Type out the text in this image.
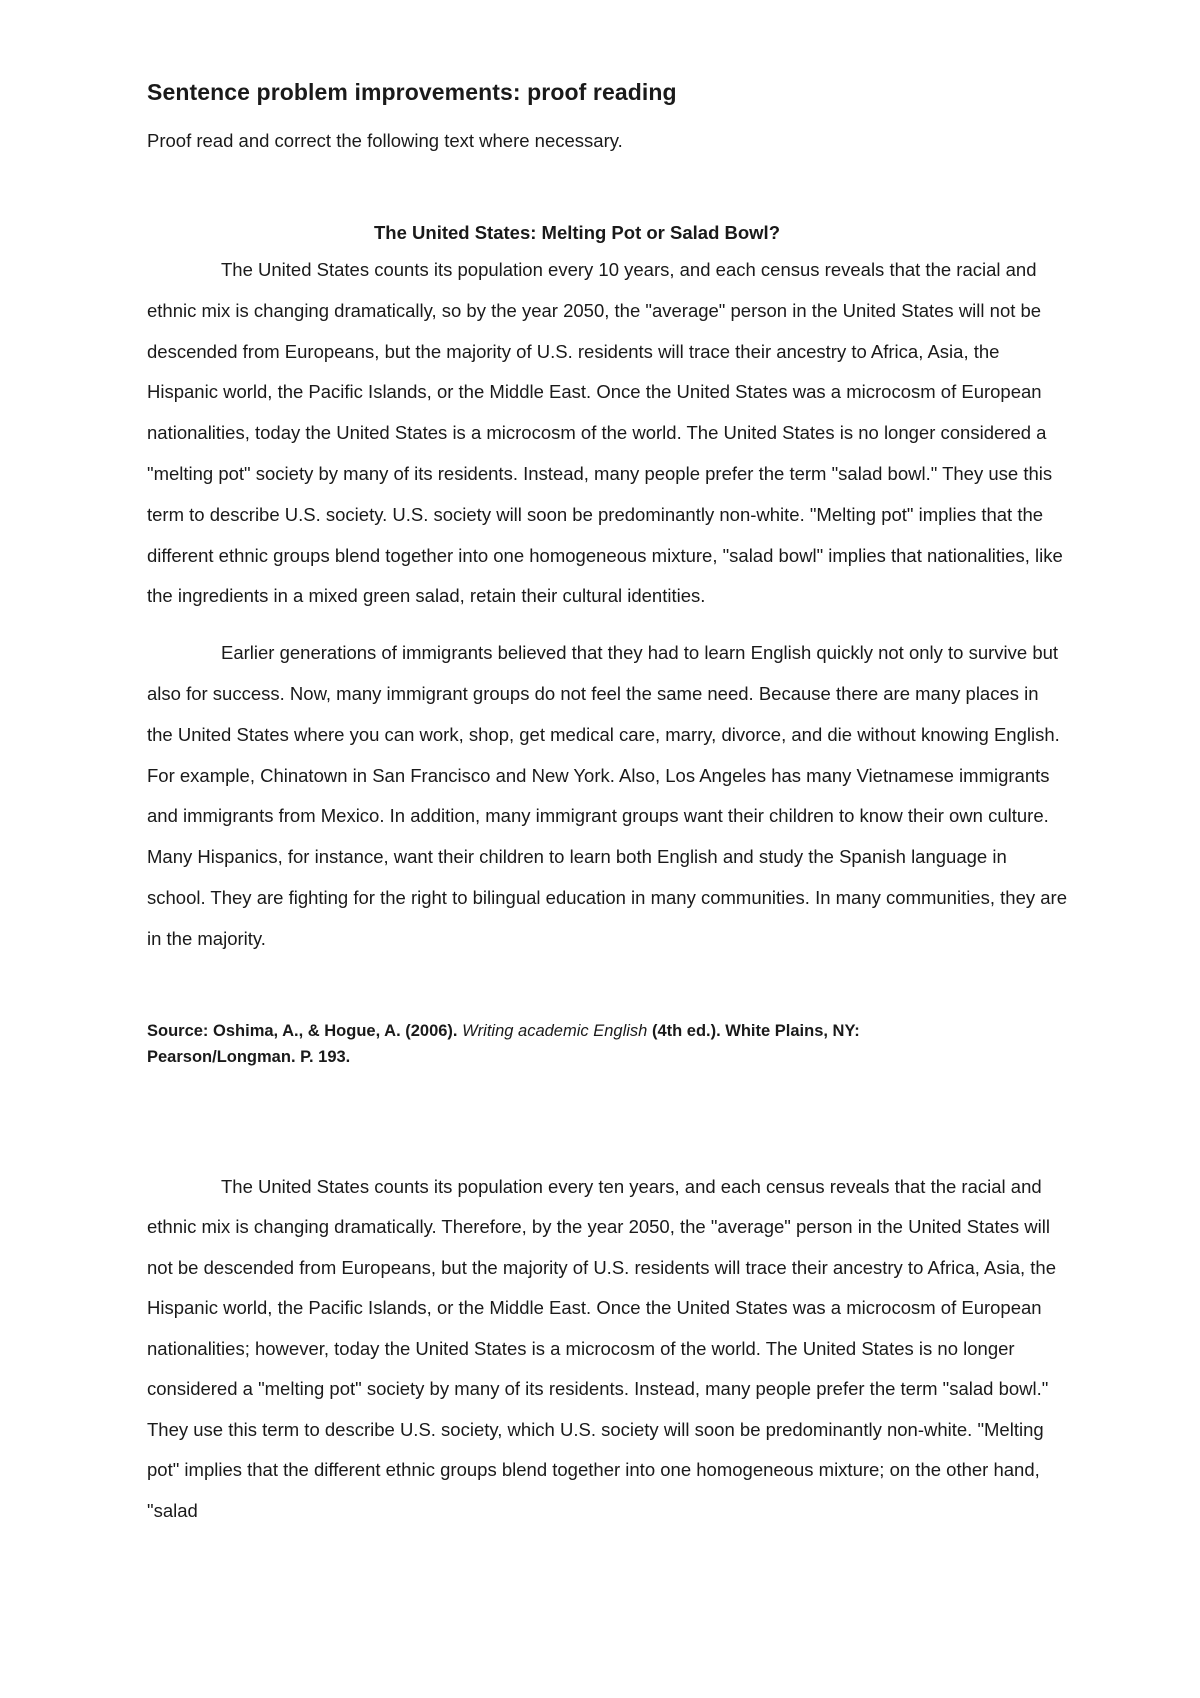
Sentence problem improvements: proof reading

Proof read and correct the following text where necessary.

The United States: Melting Pot or Salad Bowl?

The United States counts its population every 10 years, and each census reveals that the racial and ethnic mix is changing dramatically, so by the year 2050, the "average" person in the United States will not be descended from Europeans, but the majority of U.S. residents will trace their ancestry to Africa, Asia, the Hispanic world, the Pacific Islands, or the Middle East. Once the United States was a microcosm of European nationalities, today the United States is a microcosm of the world. The United States is no longer considered a "melting pot" society by many of its residents. Instead, many people prefer the term "salad bowl." They use this term to describe U.S. society. U.S. society will soon be predominantly non-white. "Melting pot" implies that the different ethnic groups blend together into one homogeneous mixture, "salad bowl" implies that nationalities, like the ingredients in a mixed green salad, retain their cultural identities.

Earlier generations of immigrants believed that they had to learn English quickly not only to survive but also for success. Now, many immigrant groups do not feel the same need. Because there are many places in the United States where you can work, shop, get medical care, marry, divorce, and die without knowing English. For example, Chinatown in San Francisco and New York. Also, Los Angeles has many Vietnamese immigrants and immigrants from Mexico. In addition, many immigrant groups want their children to know their own culture. Many Hispanics, for instance, want their children to learn both English and study the Spanish language in school. They are fighting for the right to bilingual education in many communities. In many communities, they are in the majority.

Source: Oshima, A., & Hogue, A. (2006). Writing academic English (4th ed.). White Plains, NY: Pearson/Longman. P. 193.

The United States counts its population every ten years, and each census reveals that the racial and ethnic mix is changing dramatically. Therefore, by the year 2050, the "average" person in the United States will not be descended from Europeans, but the majority of U.S. residents will trace their ancestry to Africa, Asia, the Hispanic world, the Pacific Islands, or the Middle East. Once the United States was a microcosm of European nationalities; however, today the United States is a microcosm of the world. The United States is no longer considered a "melting pot" society by many of its residents. Instead, many people prefer the term "salad bowl." They use this term to describe U.S. society, which U.S. society will soon be predominantly non-white. "Melting pot" implies that the different ethnic groups blend together into one homogeneous mixture; on the other hand, "salad
